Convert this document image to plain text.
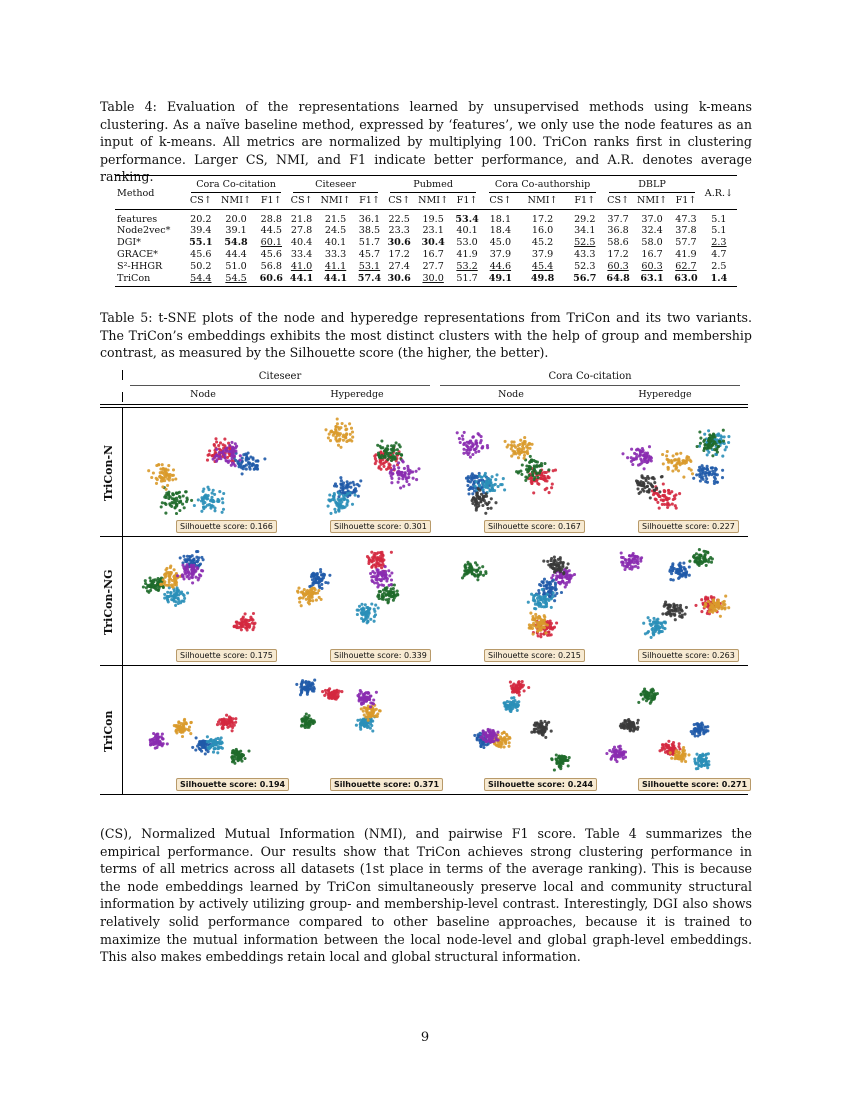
Table 4: Evaluation of the representations learned by unsupervised methods using k-means clustering. As a naïve baseline method, expressed by ‘features’, we only use the node features as an input of k-means. All metrics are normalized by multiplying 100. TriCon ranks first in clustering performance. Larger CS, NMI, and F1 indicate better performance, and A.R. denotes average ranking.
Method	Cora Co-citation			Citeseer			Pubmed			Cora Co-authorship			DBLP			A.R.↓
	CS↑	NMI↑	F1↑	CS↑	NMI↑	F1↑	CS↑	NMI↑	F1↑	CS↑	NMI↑	F1↑	CS↑	NMI↑	F1↑	
features	20.2	20.0	28.8	21.8	21.5	36.1	22.5	19.5	53.4	18.1	17.2	29.2	37.7	37.0	47.3	5.1
Node2vec*	39.4	39.1	44.5	27.8	24.5	38.5	23.3	23.1	40.1	18.4	16.0	34.1	36.8	32.4	37.8	5.1
DGI*	55.1	54.8	60.1	40.4	40.1	51.7	30.6	30.4	53.0	45.0	45.2	52.5	58.6	58.0	57.7	2.3
GRACE*	45.6	44.4	45.6	33.4	33.3	45.7	17.2	16.7	41.9	37.9	37.9	43.3	17.2	16.7	41.9	4.7
S²-HHGR	50.2	51.0	56.8	41.0	41.1	53.1	27.4	27.7	53.2	44.6	45.4	52.3	60.3	60.3	62.7	2.5
TriCon	54.4	54.5	60.6	44.1	44.1	57.4	30.6	30.0	51.7	49.1	49.8	56.7	64.8	63.1	63.0	1.4
Table 5: t-SNE plots of the node and hyperedge representations from TriCon and its two variants. The TriCon’s embeddings exhibits the most distinct clusters with the help of group and membership contrast, as measured by the Silhouette score (the higher, the better).
Citeseer	Cora Co-citation
Node	Hyperedge	Node	Hyperedge
TriCon-N
TriCon-NG
TriCon
Silhouette score: 0.166	Silhouette score: 0.301	Silhouette score: 0.167	Silhouette score: 0.227
Silhouette score: 0.175	Silhouette score: 0.339	Silhouette score: 0.215	Silhouette score: 0.263
Silhouette score: 0.194	Silhouette score: 0.371	Silhouette score: 0.244	Silhouette score: 0.271
(CS), Normalized Mutual Information (NMI), and pairwise F1 score. Table 4 summarizes the empirical performance. Our results show that TriCon achieves strong clustering performance in terms of all metrics across all datasets (1st place in terms of the average ranking). This is because the node embeddings learned by TriCon simultaneously preserve local and community structural information by actively utilizing group- and membership-level contrast. Interestingly, DGI also shows relatively solid performance compared to other baseline approaches, because it is trained to maximize the mutual information between the local node-level and global graph-level embeddings. This also makes embeddings retain local and global structural information.
9
